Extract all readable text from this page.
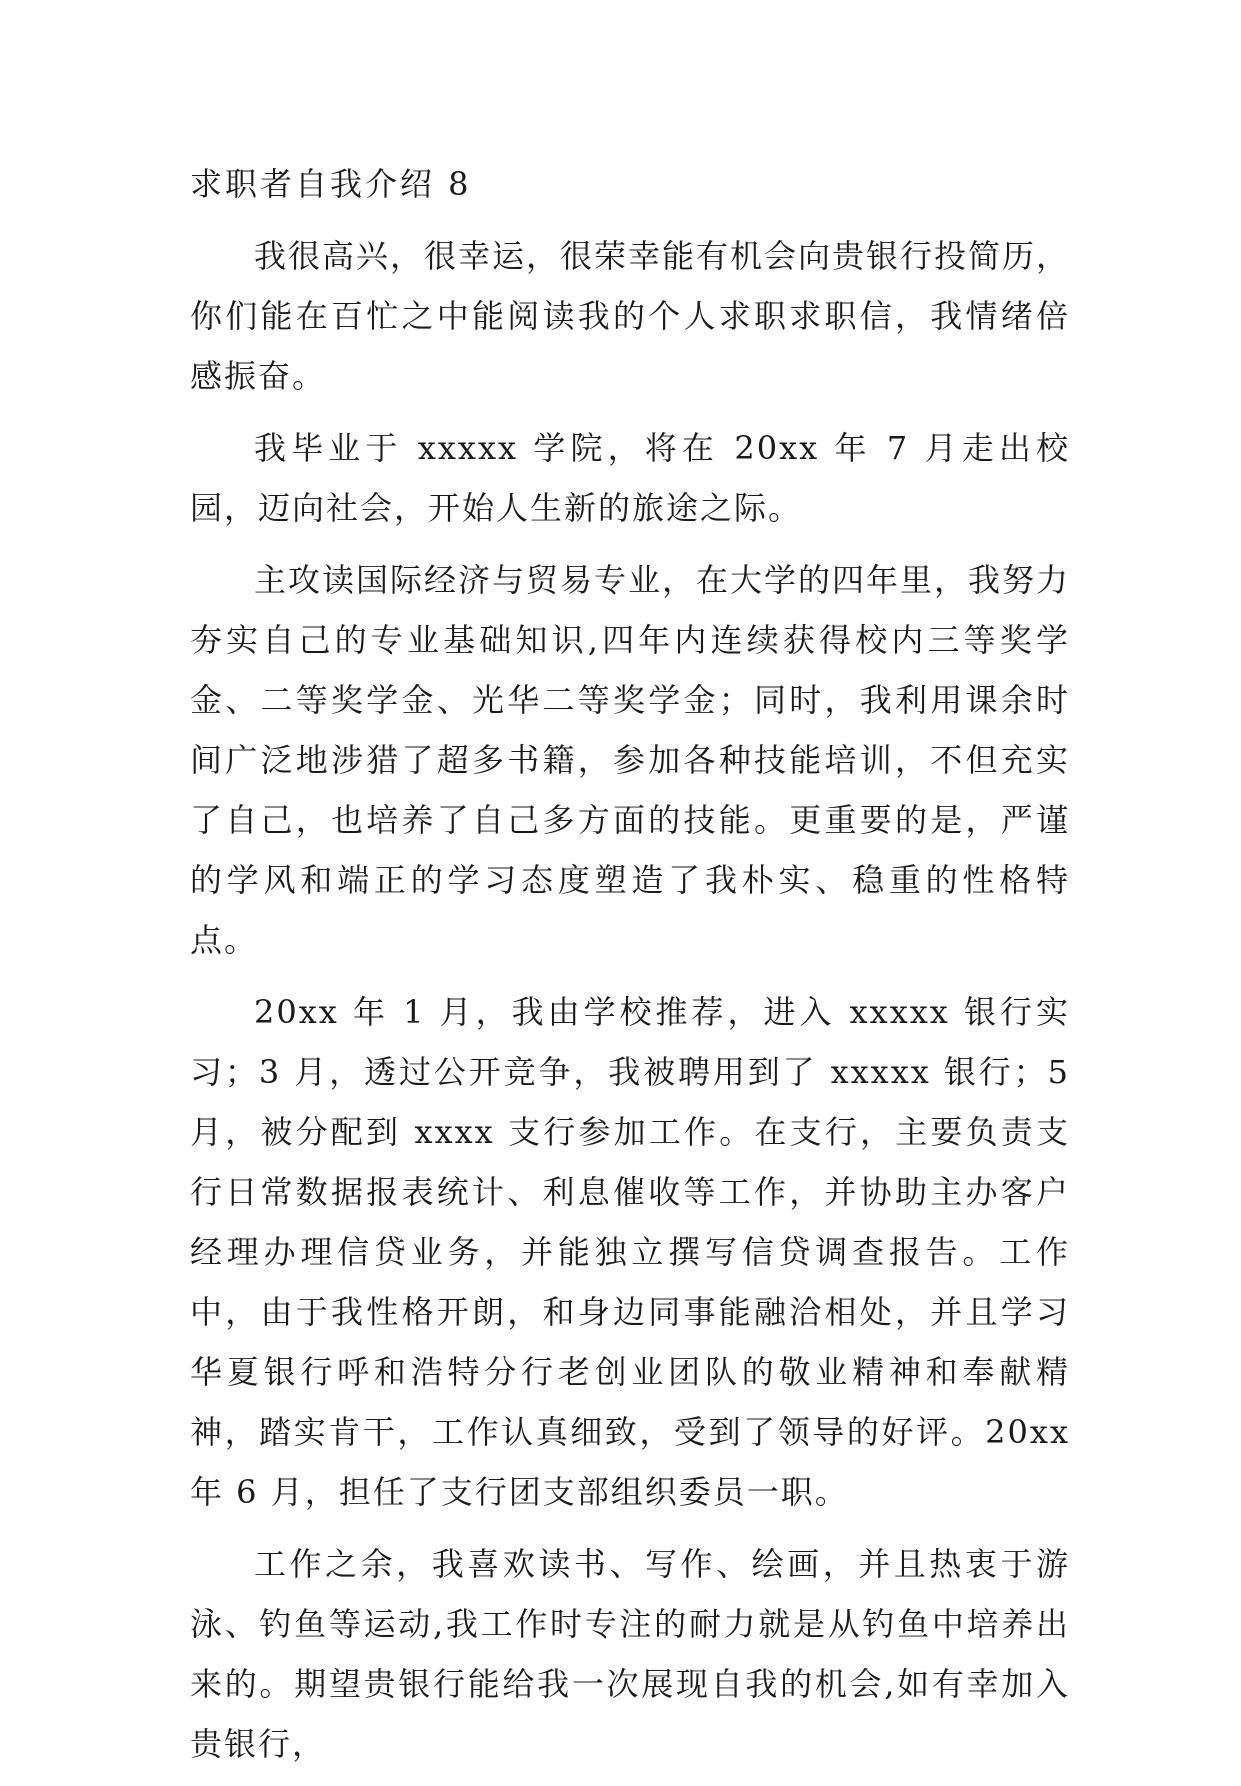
求职者自我介绍 8

我很高兴，很幸运，很荣幸能有机会向贵银行投简历，你们能在百忙之中能阅读我的个人求职求职信，我情绪倍感振奋。

我毕业于 xxxxx 学院，将在 20xx 年 7 月走出校园，迈向社会，开始人生新的旅途之际。

主攻读国际经济与贸易专业，在大学的四年里，我努力夯实自己的专业基础知识,四年内连续获得校内三等奖学金、二等奖学金、光华二等奖学金；同时，我利用课余时间广泛地涉猎了超多书籍，参加各种技能培训，不但充实了自己，也培养了自己多方面的技能。更重要的是，严谨的学风和端正的学习态度塑造了我朴实、稳重的性格特点。

20xx 年 1 月，我由学校推荐，进入 xxxxx 银行实习；3 月，透过公开竞争，我被聘用到了 xxxxx 银行；5 月，被分配到 xxxx 支行参加工作。在支行，主要负责支行日常数据报表统计、利息催收等工作，并协助主办客户经理办理信贷业务，并能独立撰写信贷调查报告。工作中，由于我性格开朗，和身边同事能融洽相处，并且学习华夏银行呼和浩特分行老创业团队的敬业精神和奉献精神，踏实肯干，工作认真细致，受到了领导的好评。20xx 年 6 月，担任了支行团支部组织委员一职。

工作之余，我喜欢读书、写作、绘画，并且热衷于游泳、钓鱼等运动,我工作时专注的耐力就是从钓鱼中培养出来的。期望贵银行能给我一次展现自我的机会,如有幸加入贵银行，
